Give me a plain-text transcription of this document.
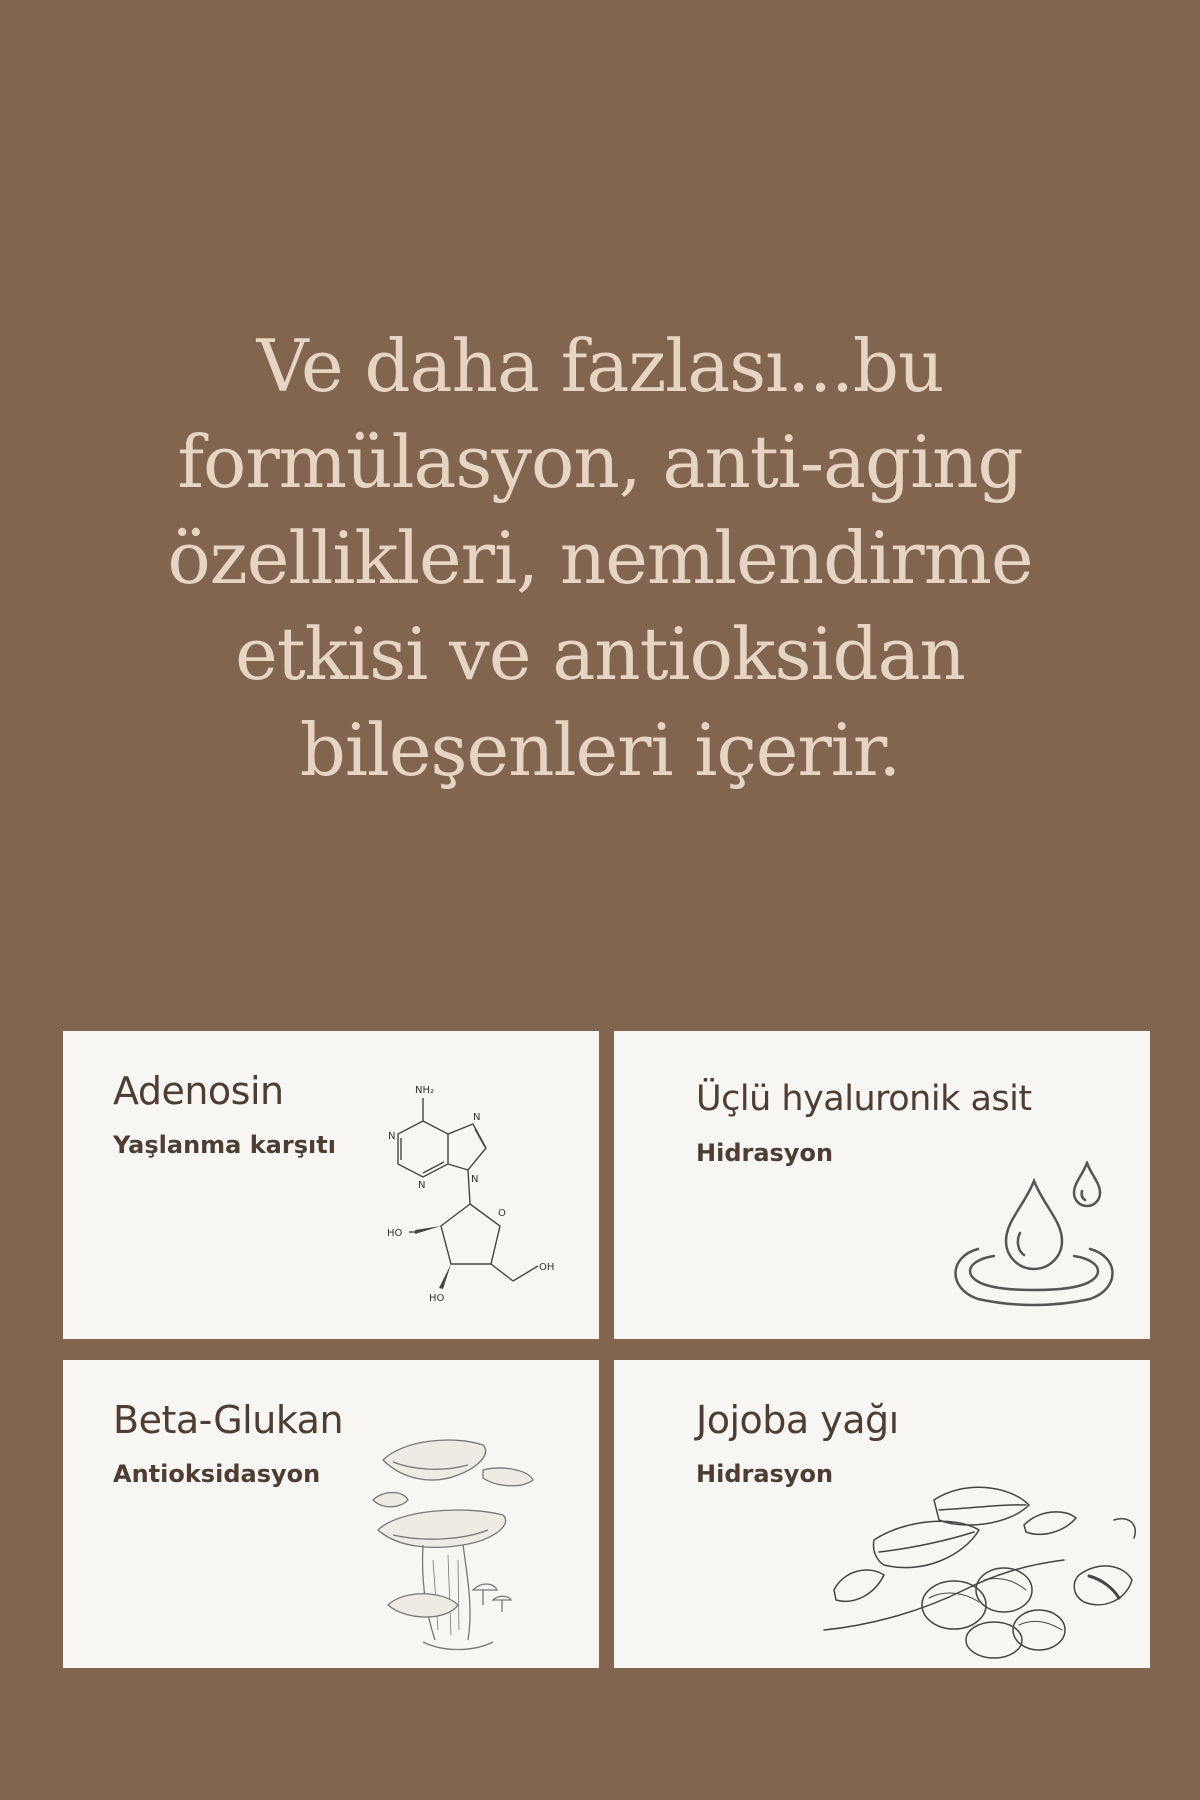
Ve daha fazlası...bu
formülasyon, anti-aging
özellikleri, nemlendirme
etkisi ve antioksidan
bileşenleri içerir.
Adenosin
Yaşlanma karşıtı
NH₂
N
N
N
N
O
HO
HO
OH
Üçlü hyaluronik asit
Hidrasyon
Beta-Glukan
Antioksidasyon
Jojoba yağı
Hidrasyon
